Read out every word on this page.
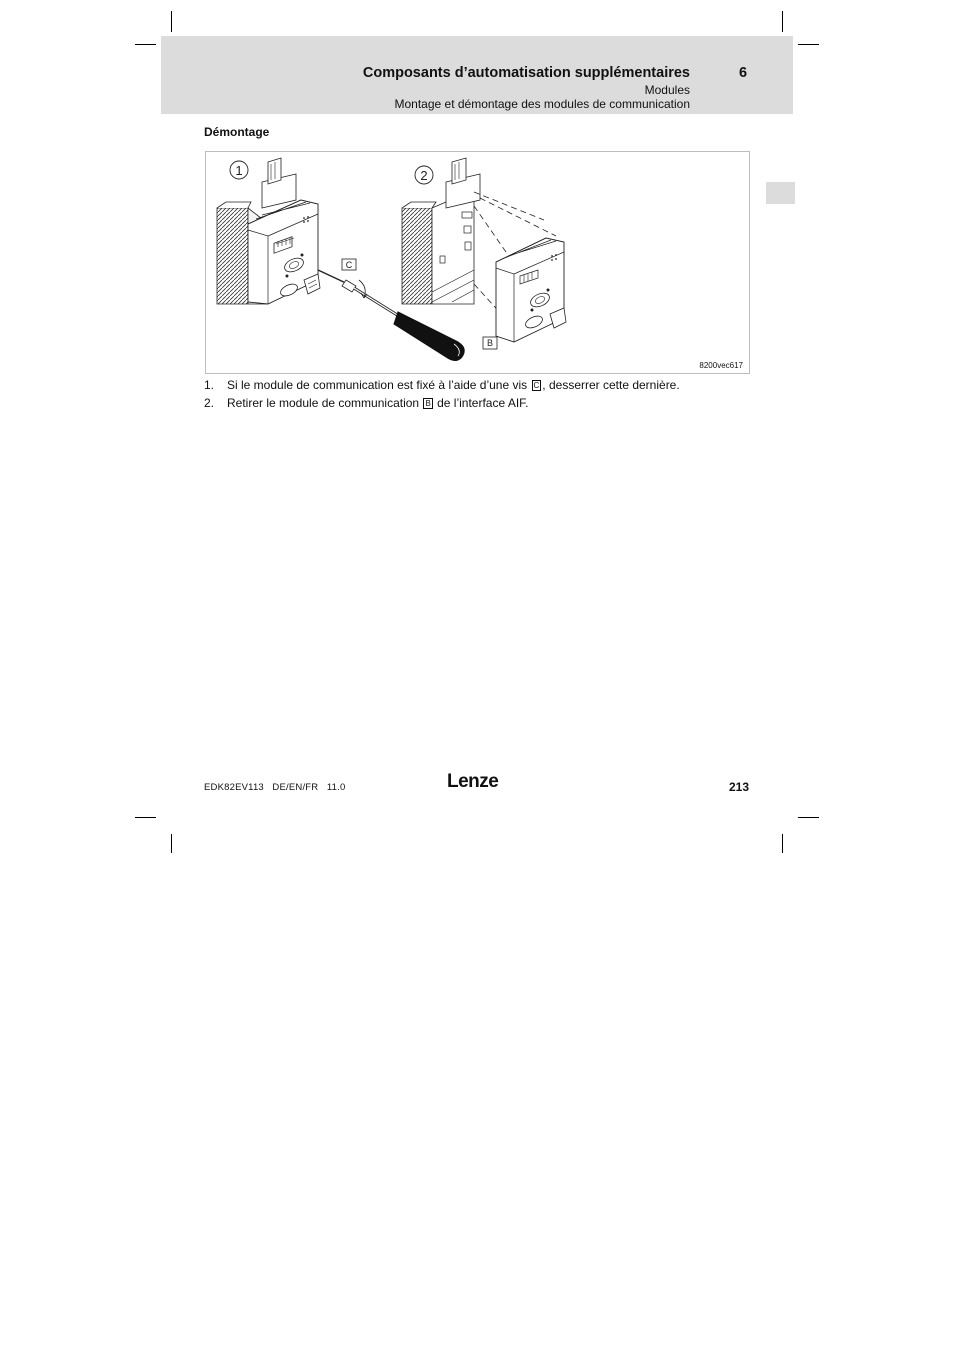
Composants d’automatisation supplémentaires	6
Modules
Montage et démontage des modules de communication
Démontage
1
C
2
B
8200vec617
1. Si le module de communication est fixé à l’aide d’une vis C , desserrer cette dernière.
2. Retirer le module de communication B de l’interface AIF.
EDK82EV113   DE/EN/FR   11.0	Lenze	213
